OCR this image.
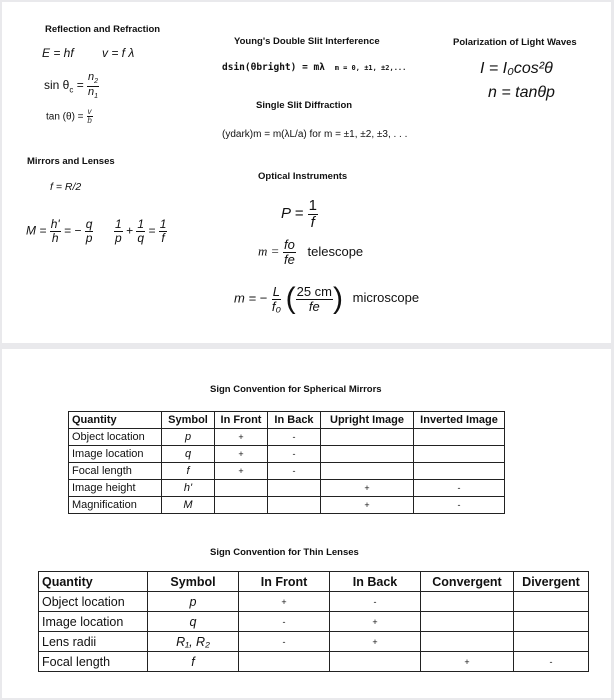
Reflection and Refraction
E = hf v = f λ
$\sin \theta_c = \frac{n_2}{n_1}$
$\tan (\theta) = \frac{v}{b}$
Mirrors and Lenses
f = R/2
$M = \frac{h'}{h}$ = − $\frac{q}{p} \frac{1}{p} + \frac{1}{q} = \frac{1}{f}$
Young's Double Slit Interference
dsin(θbright) = mλ m = 0, ±1, ±2,...
Single Slit Diffraction
(ydark)m = m(λL/a) for m = ±1, ±2, ±3, . . .
Polarization of Light Waves
I = I₀cos²θ
n = tanθp
Optical Instruments
$P = \frac{1}{f}$
$m = \frac{fo}{fe}$ telescope
m = − $\frac{L}{\text{f₀}}$ ( $\frac{25 cm}{fe}$ ) microscope
Sign Convention for Spherical Mirrors
Quantity	Symbol	In Front	In Back	Upright Image	Inverted Image
Object location	p	+	-		
Image location	q	+	-		
Focal length	f	+	-		
Image height	h'			+	-
Magnification	M			+	-
Sign Convention for Thin Lenses
Quantity	Symbol	In Front	In Back	Convergent	Divergent
Object location	p	+	-		
Image location	q	-	+		
Lens radii	R₁, R₂	-	+		
Focal length	f			+	-
